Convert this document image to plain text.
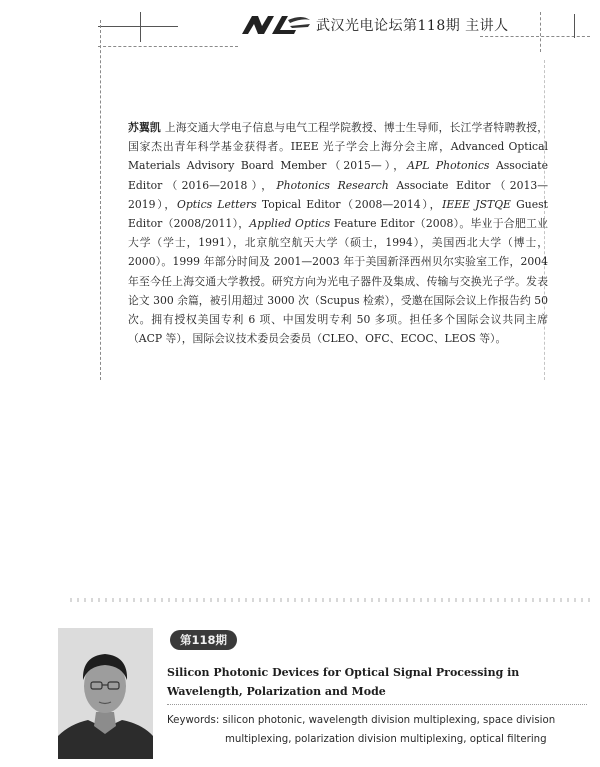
武汉光电论坛第118期 主讲人
苏翼凯 上海交通大学电子信息与电气工程学院教授、博士生导师，长江学者特聘教授，国家杰出青年科学基金获得者。IEEE 光子学会上海分会主席，Advanced Optical Materials Advisory Board Member（2015—），APL Photonics Associate Editor（2016—2018），Photonics Research Associate Editor（2013—2019），Optics Letters Topical Editor（2008—2014），IEEE JSTQE Guest Editor（2008/2011），Applied Optics Feature Editor（2008）。毕业于合肥工业大学（学士，1991），北京航空航天大学（硕士，1994），美国西北大学（博士，2000）。1999 年部分时间及 2001—2003 年于美国新泽西州贝尔实验室工作，2004 年至今任上海交通大学教授。研究方向为光电子器件及集成、传输与交换光子学。发表论文 300 余篇，被引用超过 3000 次（Scupus 检索），受邀在国际会议上作报告约 50 次。拥有授权美国专利 6 项、中国发明专利 50 多项。担任多个国际会议共同主席（ACP 等），国际会议技术委员会委员（CLEO、OFC、ECOC、LEOS 等）。
第118期
Silicon Photonic Devices for Optical Signal Processing in Wavelength, Polarization and Mode
Keywords: silicon photonic, wavelength division multiplexing, space division
multiplexing, polarization division multiplexing, optical filtering
